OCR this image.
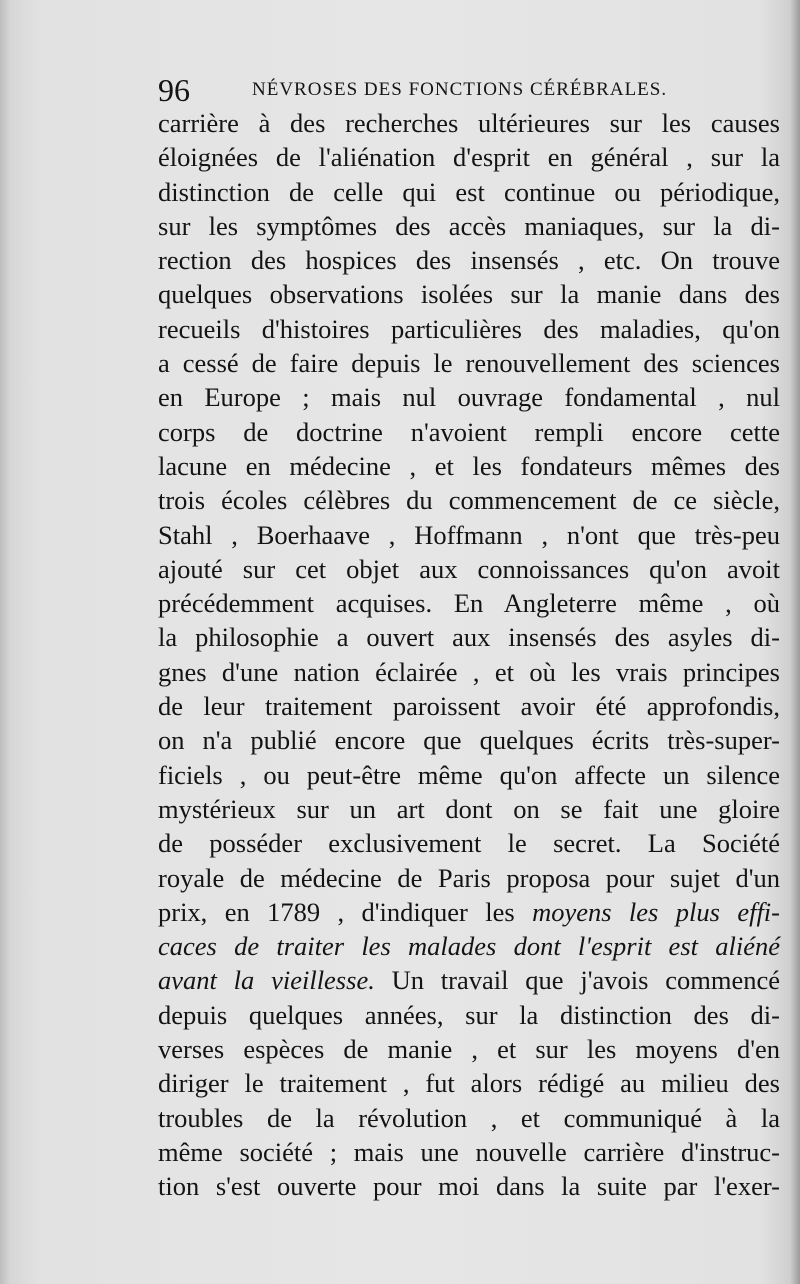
96	NÉVROSES DES FONCTIONS CÉRÉBRALES.
carrière à des recherches ultérieures sur les causes
éloignées de l'aliénation d'esprit en général , sur la
distinction de celle qui est continue ou périodique,
sur les symptômes des accès maniaques, sur la di-
rection des hospices des insensés , etc. On trouve
quelques observations isolées sur la manie dans des
recueils d'histoires particulières des maladies, qu'on
a cessé de faire depuis le renouvellement des sciences
en Europe ; mais nul ouvrage fondamental , nul
corps de doctrine n'avoient rempli encore cette
lacune en médecine , et les fondateurs mêmes des
trois écoles célèbres du commencement de ce siècle,
Stahl , Boerhaave , Hoffmann , n'ont que très-peu
ajouté sur cet objet aux connoissances qu'on avoit
précédemment acquises. En Angleterre même , où
la philosophie a ouvert aux insensés des asyles di-
gnes d'une nation éclairée , et où les vrais principes
de leur traitement paroissent avoir été approfondis,
on n'a publié encore que quelques écrits très-super-
ficiels , ou peut-être même qu'on affecte un silence
mystérieux sur un art dont on se fait une gloire
de posséder exclusivement le secret. La Société
royale de médecine de Paris proposa pour sujet d'un
prix, en 1789 , d'indiquer les moyens les plus effi-
caces de traiter les malades dont l'esprit est aliéné
avant la vieillesse. Un travail que j'avois commencé
depuis quelques années, sur la distinction des di-
verses espèces de manie , et sur les moyens d'en
diriger le traitement , fut alors rédigé au milieu des
troubles de la révolution , et communiqué à la
même société ; mais une nouvelle carrière d'instruc-
tion s'est ouverte pour moi dans la suite par l'exer-
